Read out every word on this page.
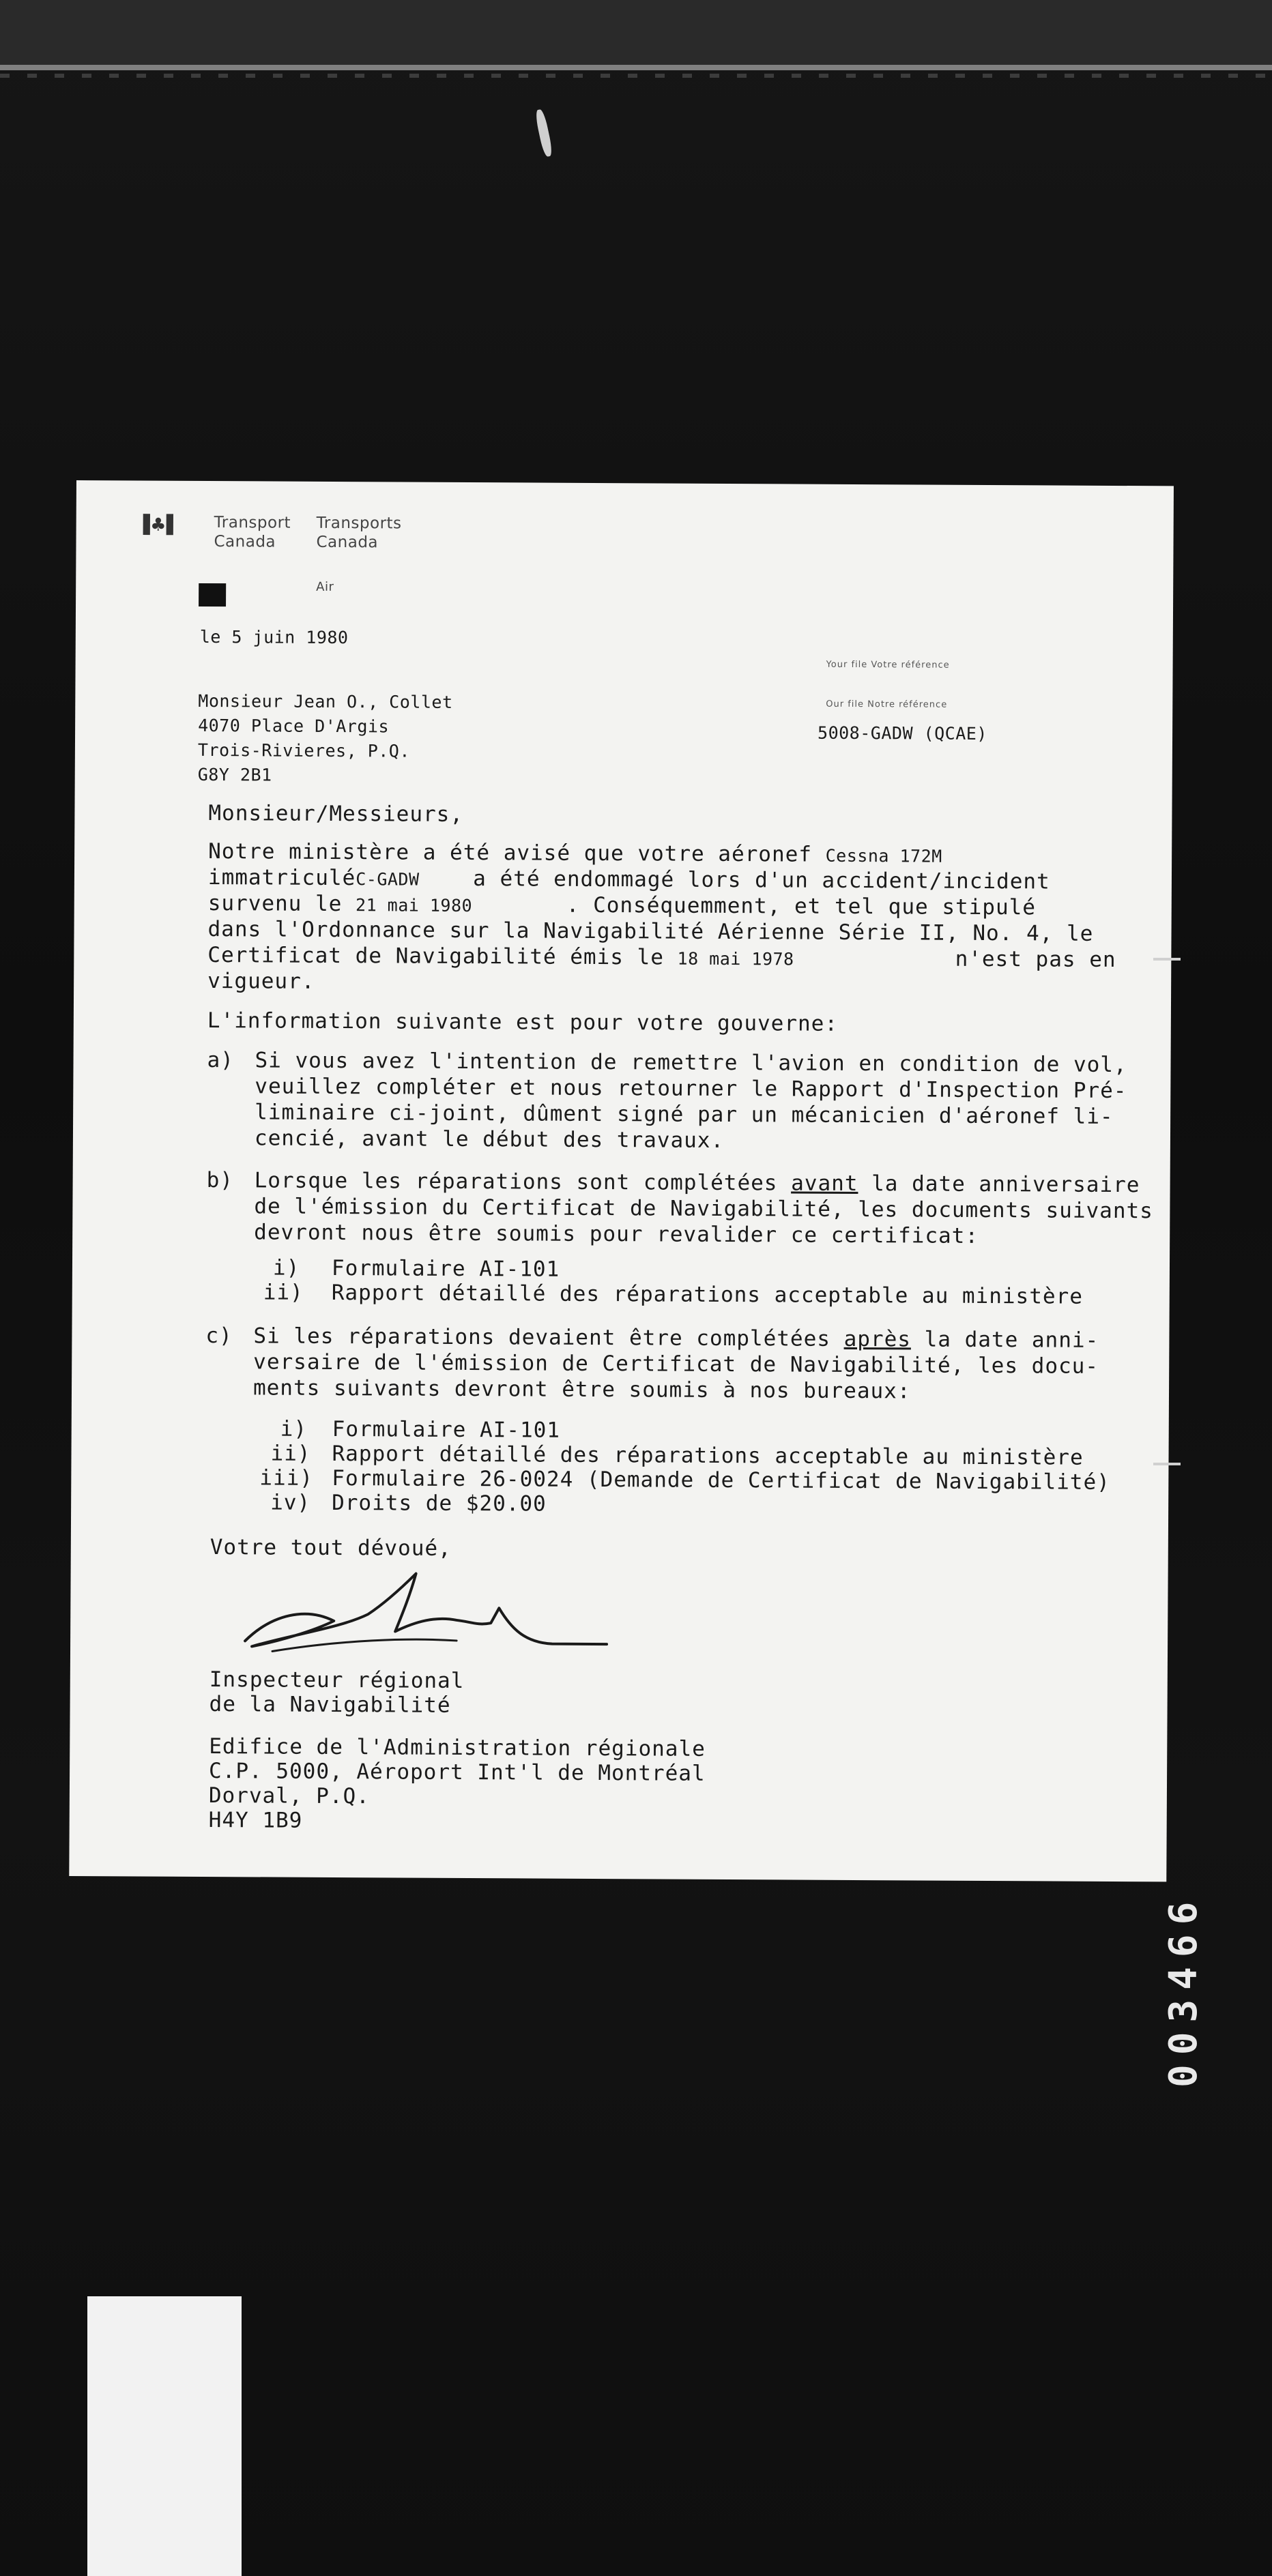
▐♣▌ Transport
Canada
Transports
Canada
Air
le 5 juin 1980
Your file Votre référence
Our file Notre référence
5008-GADW (QCAE)
Monsieur Jean O., Collet
4070 Place D'Argis
Trois-Rivieres, P.Q.
G8Y 2B1
Monsieur/Messieurs,
Notre ministère a été avisé que votre aéronef Cessna 172M
immatriculéC-GADW	a été endommagé lors d'un accident/incident
survenu le 21 mai 1980	. Conséquemment, et tel que stipulé
dans l'Ordonnance sur la Navigabilité Aérienne Série II, No. 4, le
Certificat de Navigabilité émis le 18 mai 1978	n'est pas en
vigueur.
L'information suivante est pour votre gouverne:
a) Si vous avez l'intention de remettre l'avion en condition de vol,
veuillez compléter et nous retourner le Rapport d'Inspection Pré-
liminaire ci-joint, dûment signé par un mécanicien d'aéronef li-
cencié, avant le début des travaux.
b) Lorsque les réparations sont complétées avant la date anniversaire
de l'émission du Certificat de Navigabilité, les documents suivants
devront nous être soumis pour revalider ce certificat:
i) Formulaire AI-101
ii) Rapport détaillé des réparations acceptable au ministère
c) Si les réparations devaient être complétées après la date anni-
versaire de l'émission de Certificat de Navigabilité, les docu-
ments suivants devront être soumis à nos bureaux:
i) Formulaire AI-101
ii) Rapport détaillé des réparations acceptable au ministère
iii) Formulaire 26-0024 (Demande de Certificat de Navigabilité)
iv) Droits de $20.00
Votre tout dévoué,
Inspecteur régional
de la Navigabilité
Edifice de l'Administration régionale
C.P. 5000, Aéroport Int'l de Montréal
Dorval, P.Q.
H4Y 1B9
003466
